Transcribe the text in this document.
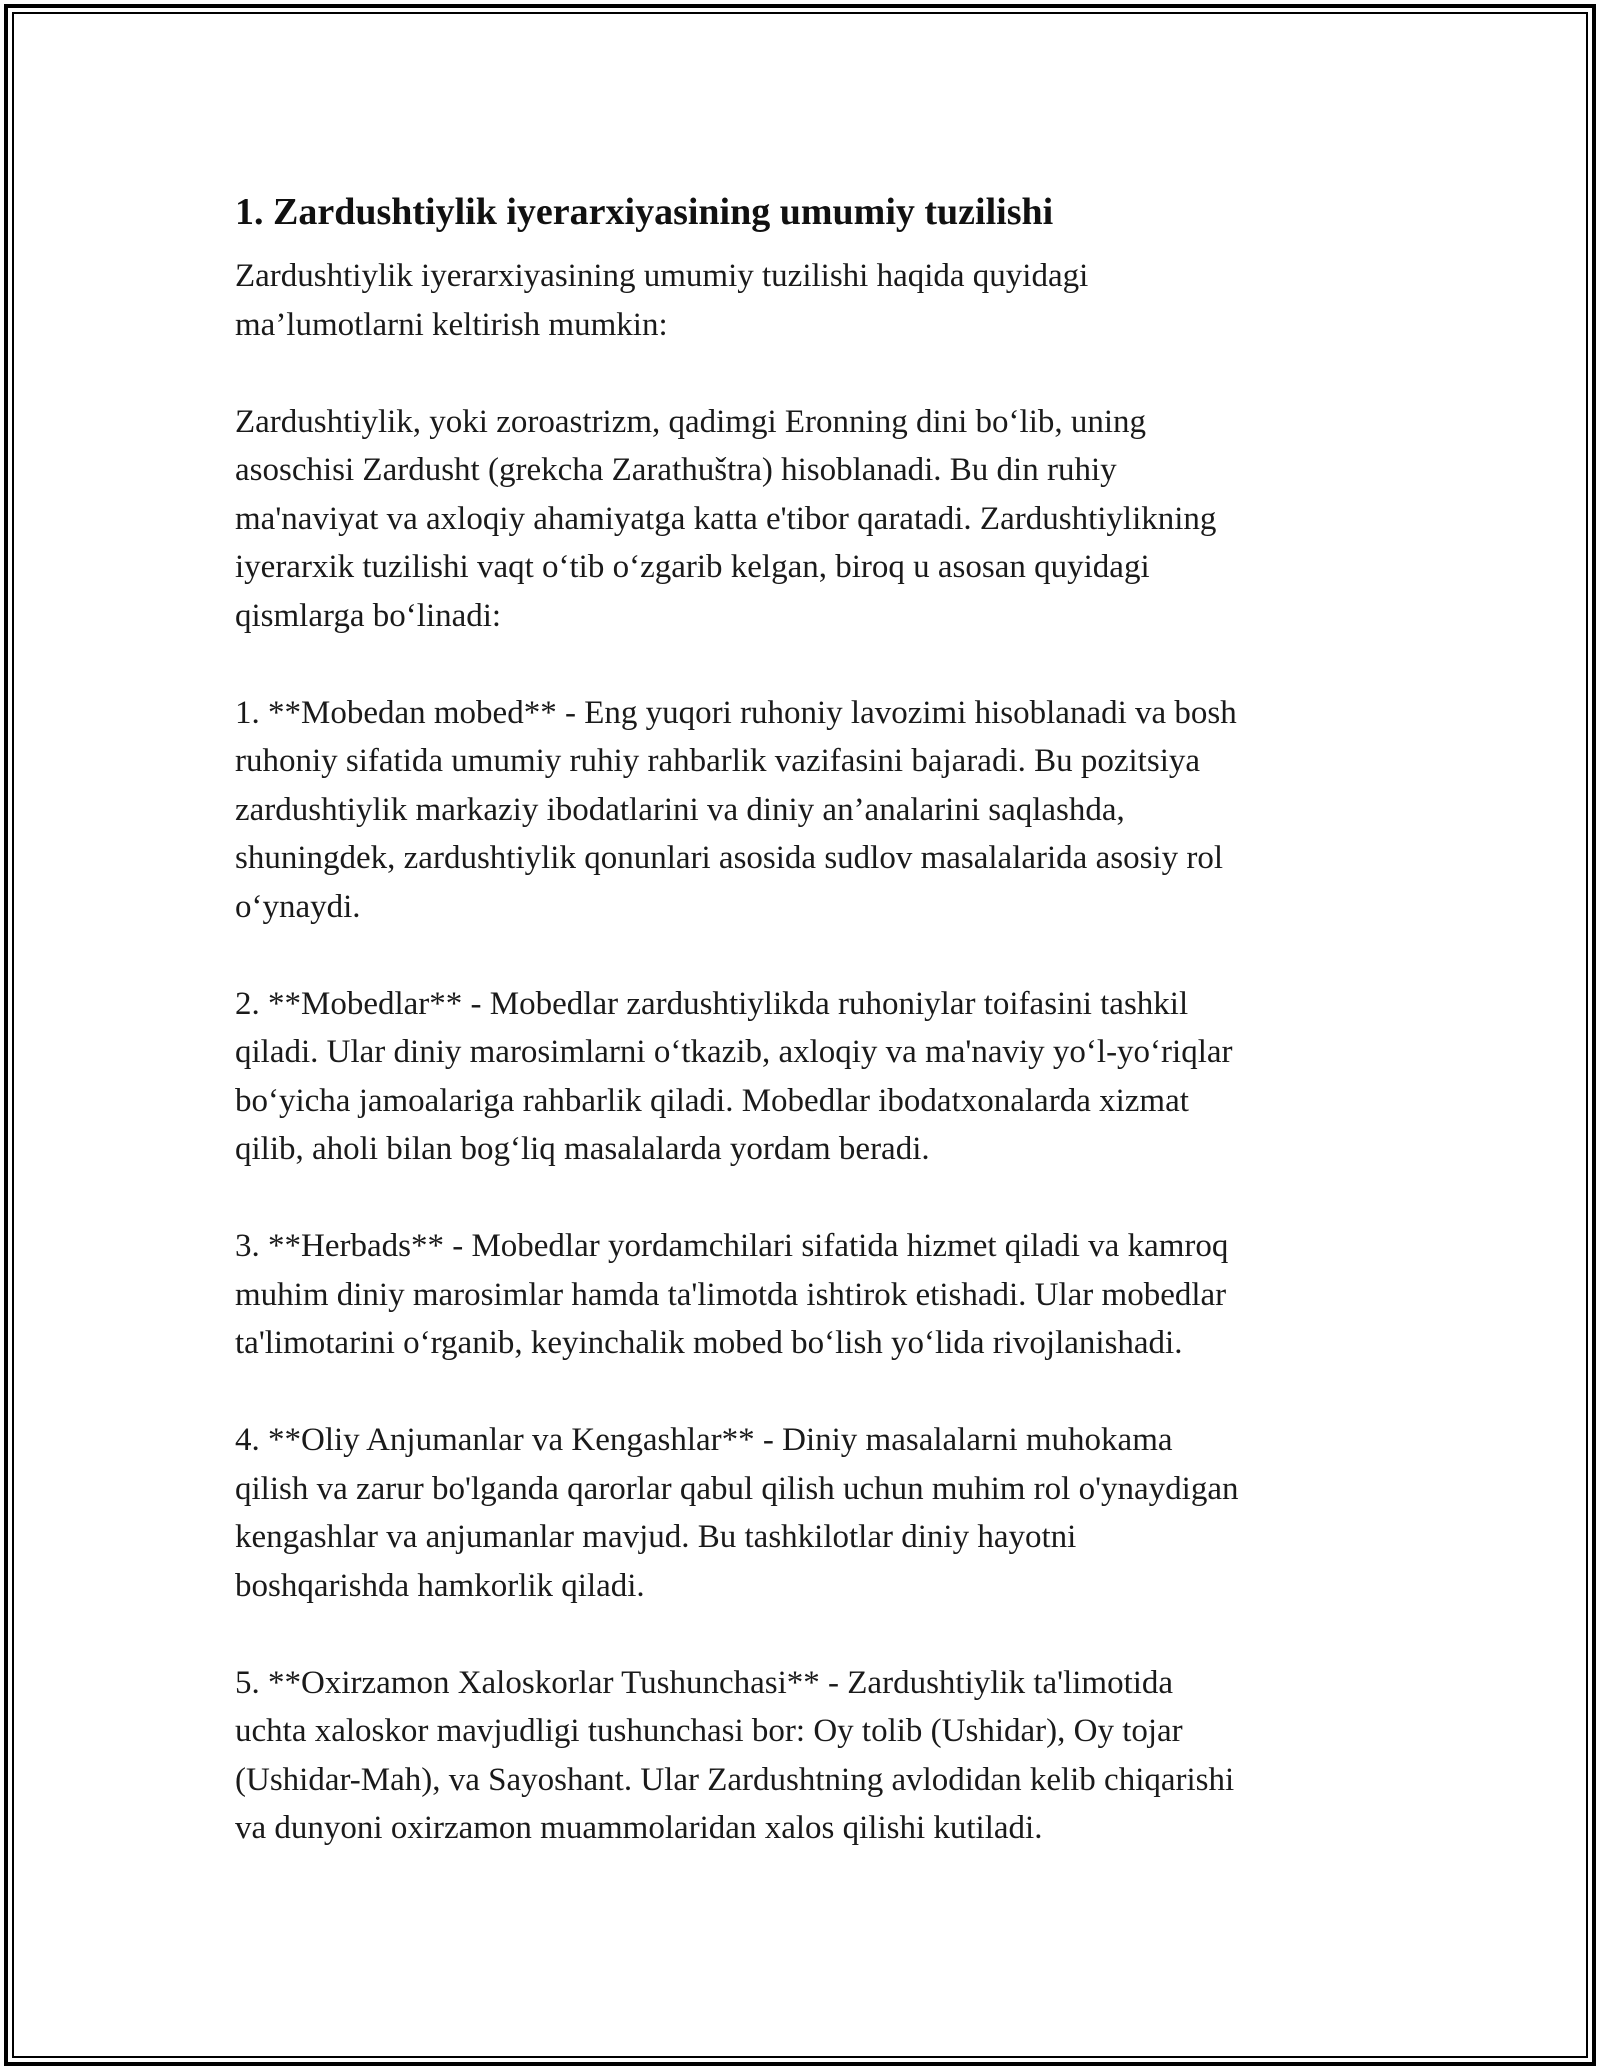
1. Zardushtiylik iyerarxiyasining umumiy tuzilishi
Zardushtiylik iyerarxiyasining umumiy tuzilishi haqida quyidagi
ma’lumotlarni keltirish mumkin:
Zardushtiylik, yoki zoroastrizm, qadimgi Eronning dini bo‘lib, uning
asoschisi Zardusht (grekcha Zarathuštra) hisoblanadi. Bu din ruhiy
ma'naviyat va axloqiy ahamiyatga katta e'tibor qaratadi. Zardushtiylikning
iyerarxik tuzilishi vaqt o‘tib o‘zgarib kelgan, biroq u asosan quyidagi
qismlarga bo‘linadi:
1. **Mobedan mobed** - Eng yuqori ruhoniy lavozimi hisoblanadi va bosh
ruhoniy sifatida umumiy ruhiy rahbarlik vazifasini bajaradi. Bu pozitsiya
zardushtiylik markaziy ibodatlarini va diniy an’analarini saqlashda,
shuningdek, zardushtiylik qonunlari asosida sudlov masalalarida asosiy rol
o‘ynaydi.
2. **Mobedlar** - Mobedlar zardushtiylikda ruhoniylar toifasini tashkil
qiladi. Ular diniy marosimlarni o‘tkazib, axloqiy va ma'naviy yo‘l-yo‘riqlar
bo‘yicha jamoalariga rahbarlik qiladi. Mobedlar ibodatxonalarda xizmat
qilib, aholi bilan bog‘liq masalalarda yordam beradi.
3. **Herbads** - Mobedlar yordamchilari sifatida hizmet qiladi va kamroq
muhim diniy marosimlar hamda ta'limotda ishtirok etishadi. Ular mobedlar
ta'limotarini o‘rganib, keyinchalik mobed bo‘lish yo‘lida rivojlanishadi.
4. **Oliy Anjumanlar va Kengashlar** - Diniy masalalarni muhokama
qilish va zarur bo'lganda qarorlar qabul qilish uchun muhim rol o'ynaydigan
kengashlar va anjumanlar mavjud. Bu tashkilotlar diniy hayotni
boshqarishda hamkorlik qiladi.
5. **Oxirzamon Xaloskorlar Tushunchasi** - Zardushtiylik ta'limotida
uchta xaloskor mavjudligi tushunchasi bor: Oy tolib (Ushidar), Oy tojar
(Ushidar-Mah), va Sayoshant. Ular Zardushtning avlodidan kelib chiqarishi
va dunyoni oxirzamon muammolaridan xalos qilishi kutiladi.
